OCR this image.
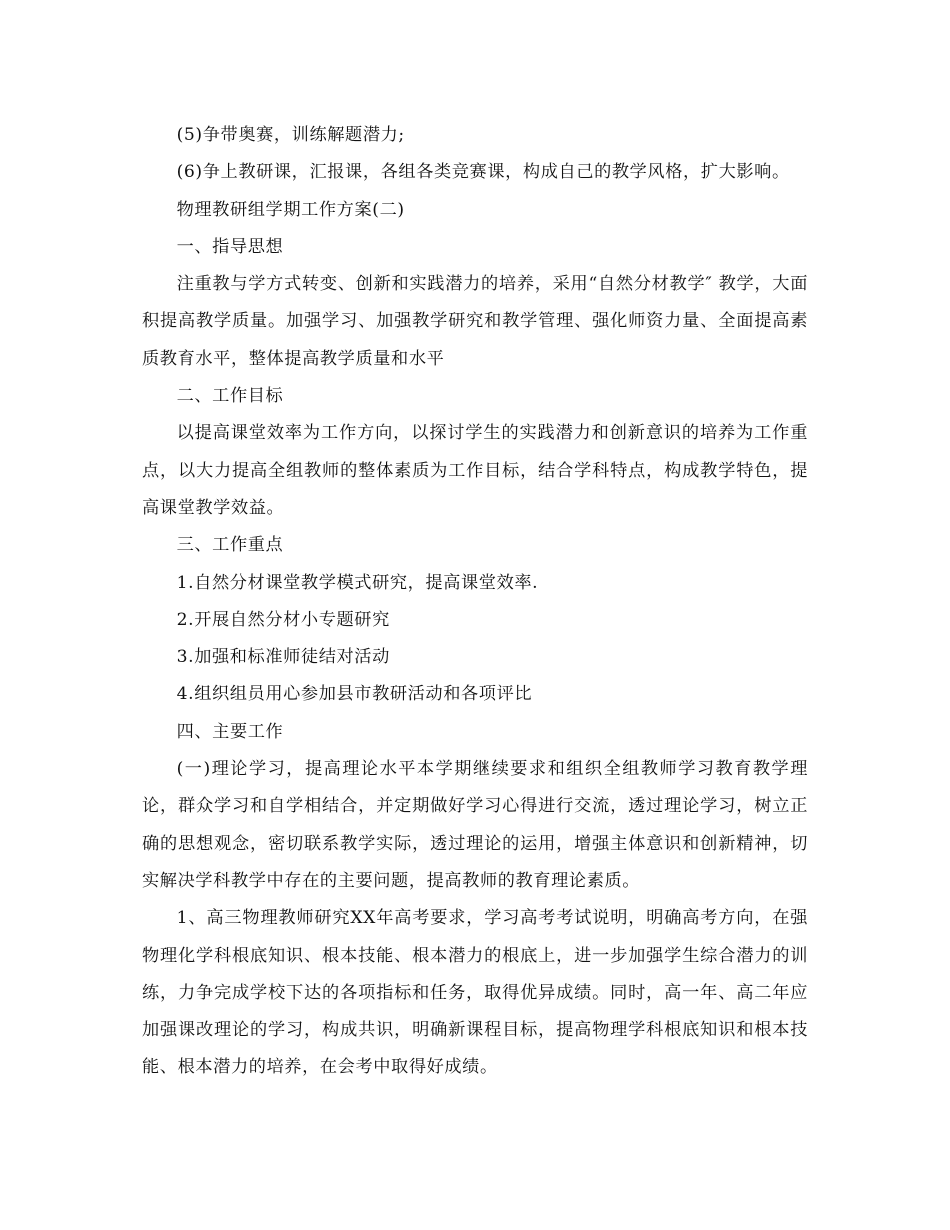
(5)争带奥赛，训练解题潜力;

(6)争上教研课，汇报课，各组各类竞赛课，构成自己的教学风格，扩大影响。

物理教研组学期工作方案(二)

一、指导思想

注重教与学方式转变、创新和实践潜力的培养，采用“自然分材教学″ 教学，大面积提高教学质量。加强学习、加强教学研究和教学管理、强化师资力量、全面提高素质教育水平，整体提高教学质量和水平

二、工作目标

以提高课堂效率为工作方向，以探讨学生的实践潜力和创新意识的培养为工作重点，以大力提高全组教师的整体素质为工作目标，结合学科特点，构成教学特色，提高课堂教学效益。

三、工作重点

1.自然分材课堂教学模式研究，提高课堂效率.

2.开展自然分材小专题研究

3.加强和标准师徒结对活动

4.组织组员用心参加县市教研活动和各项评比

四、主要工作

(一)理论学习，提高理论水平本学期继续要求和组织全组教师学习教育教学理论，群众学习和自学相结合，并定期做好学习心得进行交流，透过理论学习，树立正确的思想观念，密切联系教学实际，透过理论的运用，增强主体意识和创新精神，切实解决学科教学中存在的主要问题，提高教师的教育理论素质。

1、高三物理教师研究XX年高考要求，学习高考考试说明，明确高考方向，在强物理化学科根底知识、根本技能、根本潜力的根底上，进一步加强学生综合潜力的训练，力争完成学校下达的各项指标和任务，取得优异成绩。同时，高一年、高二年应加强课改理论的学习，构成共识，明确新课程目标，提高物理学科根底知识和根本技能、根本潜力的培养，在会考中取得好成绩。
